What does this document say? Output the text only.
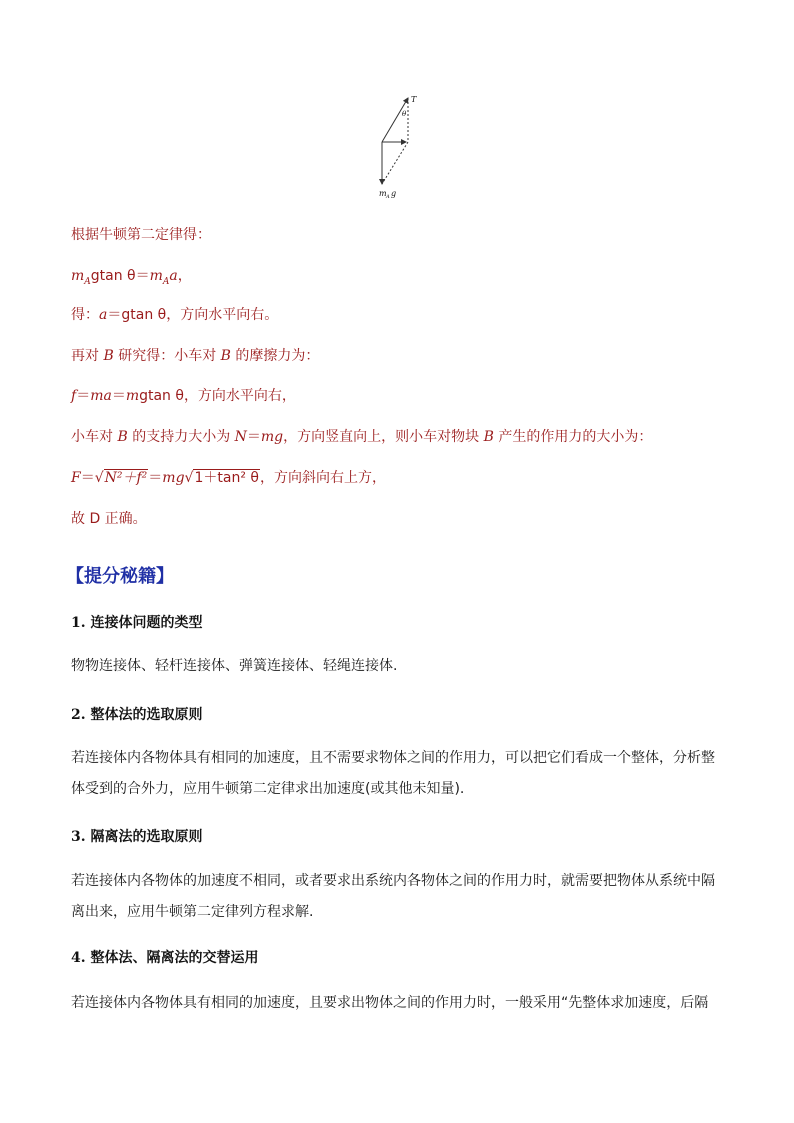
T
θ
m A g
根据牛顿第二定律得：
$m_Agtan$ $\theta=m_Aa$，
得：a＝gtan θ，方向水平向右。
再对 B 研究得：小车对 B 的摩擦力为：
f＝ma＝mgtan θ，方向水平向右，
小车对 B 的支持力大小为 N＝mg，方向竖直向上，则小车对物块 B 产生的作用力的大小为：
F＝√N²＋f²＝mg√1＋tan² θ，方向斜向右上方，
故 D 正确。
【提分秘籍】
1. 连接体问题的类型
物物连接体、轻杆连接体、弹簧连接体、轻绳连接体.
2. 整体法的选取原则
若连接体内各物体具有相同的加速度，且不需要求物体之间的作用力，可以把它们看成一个整体，分析整
体受到的合外力，应用牛顿第二定律求出加速度(或其他未知量).
3. 隔离法的选取原则
若连接体内各物体的加速度不相同，或者要求出系统内各物体之间的作用力时，就需要把物体从系统中隔
离出来，应用牛顿第二定律列方程求解.
4. 整体法、隔离法的交替运用
若连接体内各物体具有相同的加速度，且要求出物体之间的作用力时，一般采用“先整体求加速度，后隔
